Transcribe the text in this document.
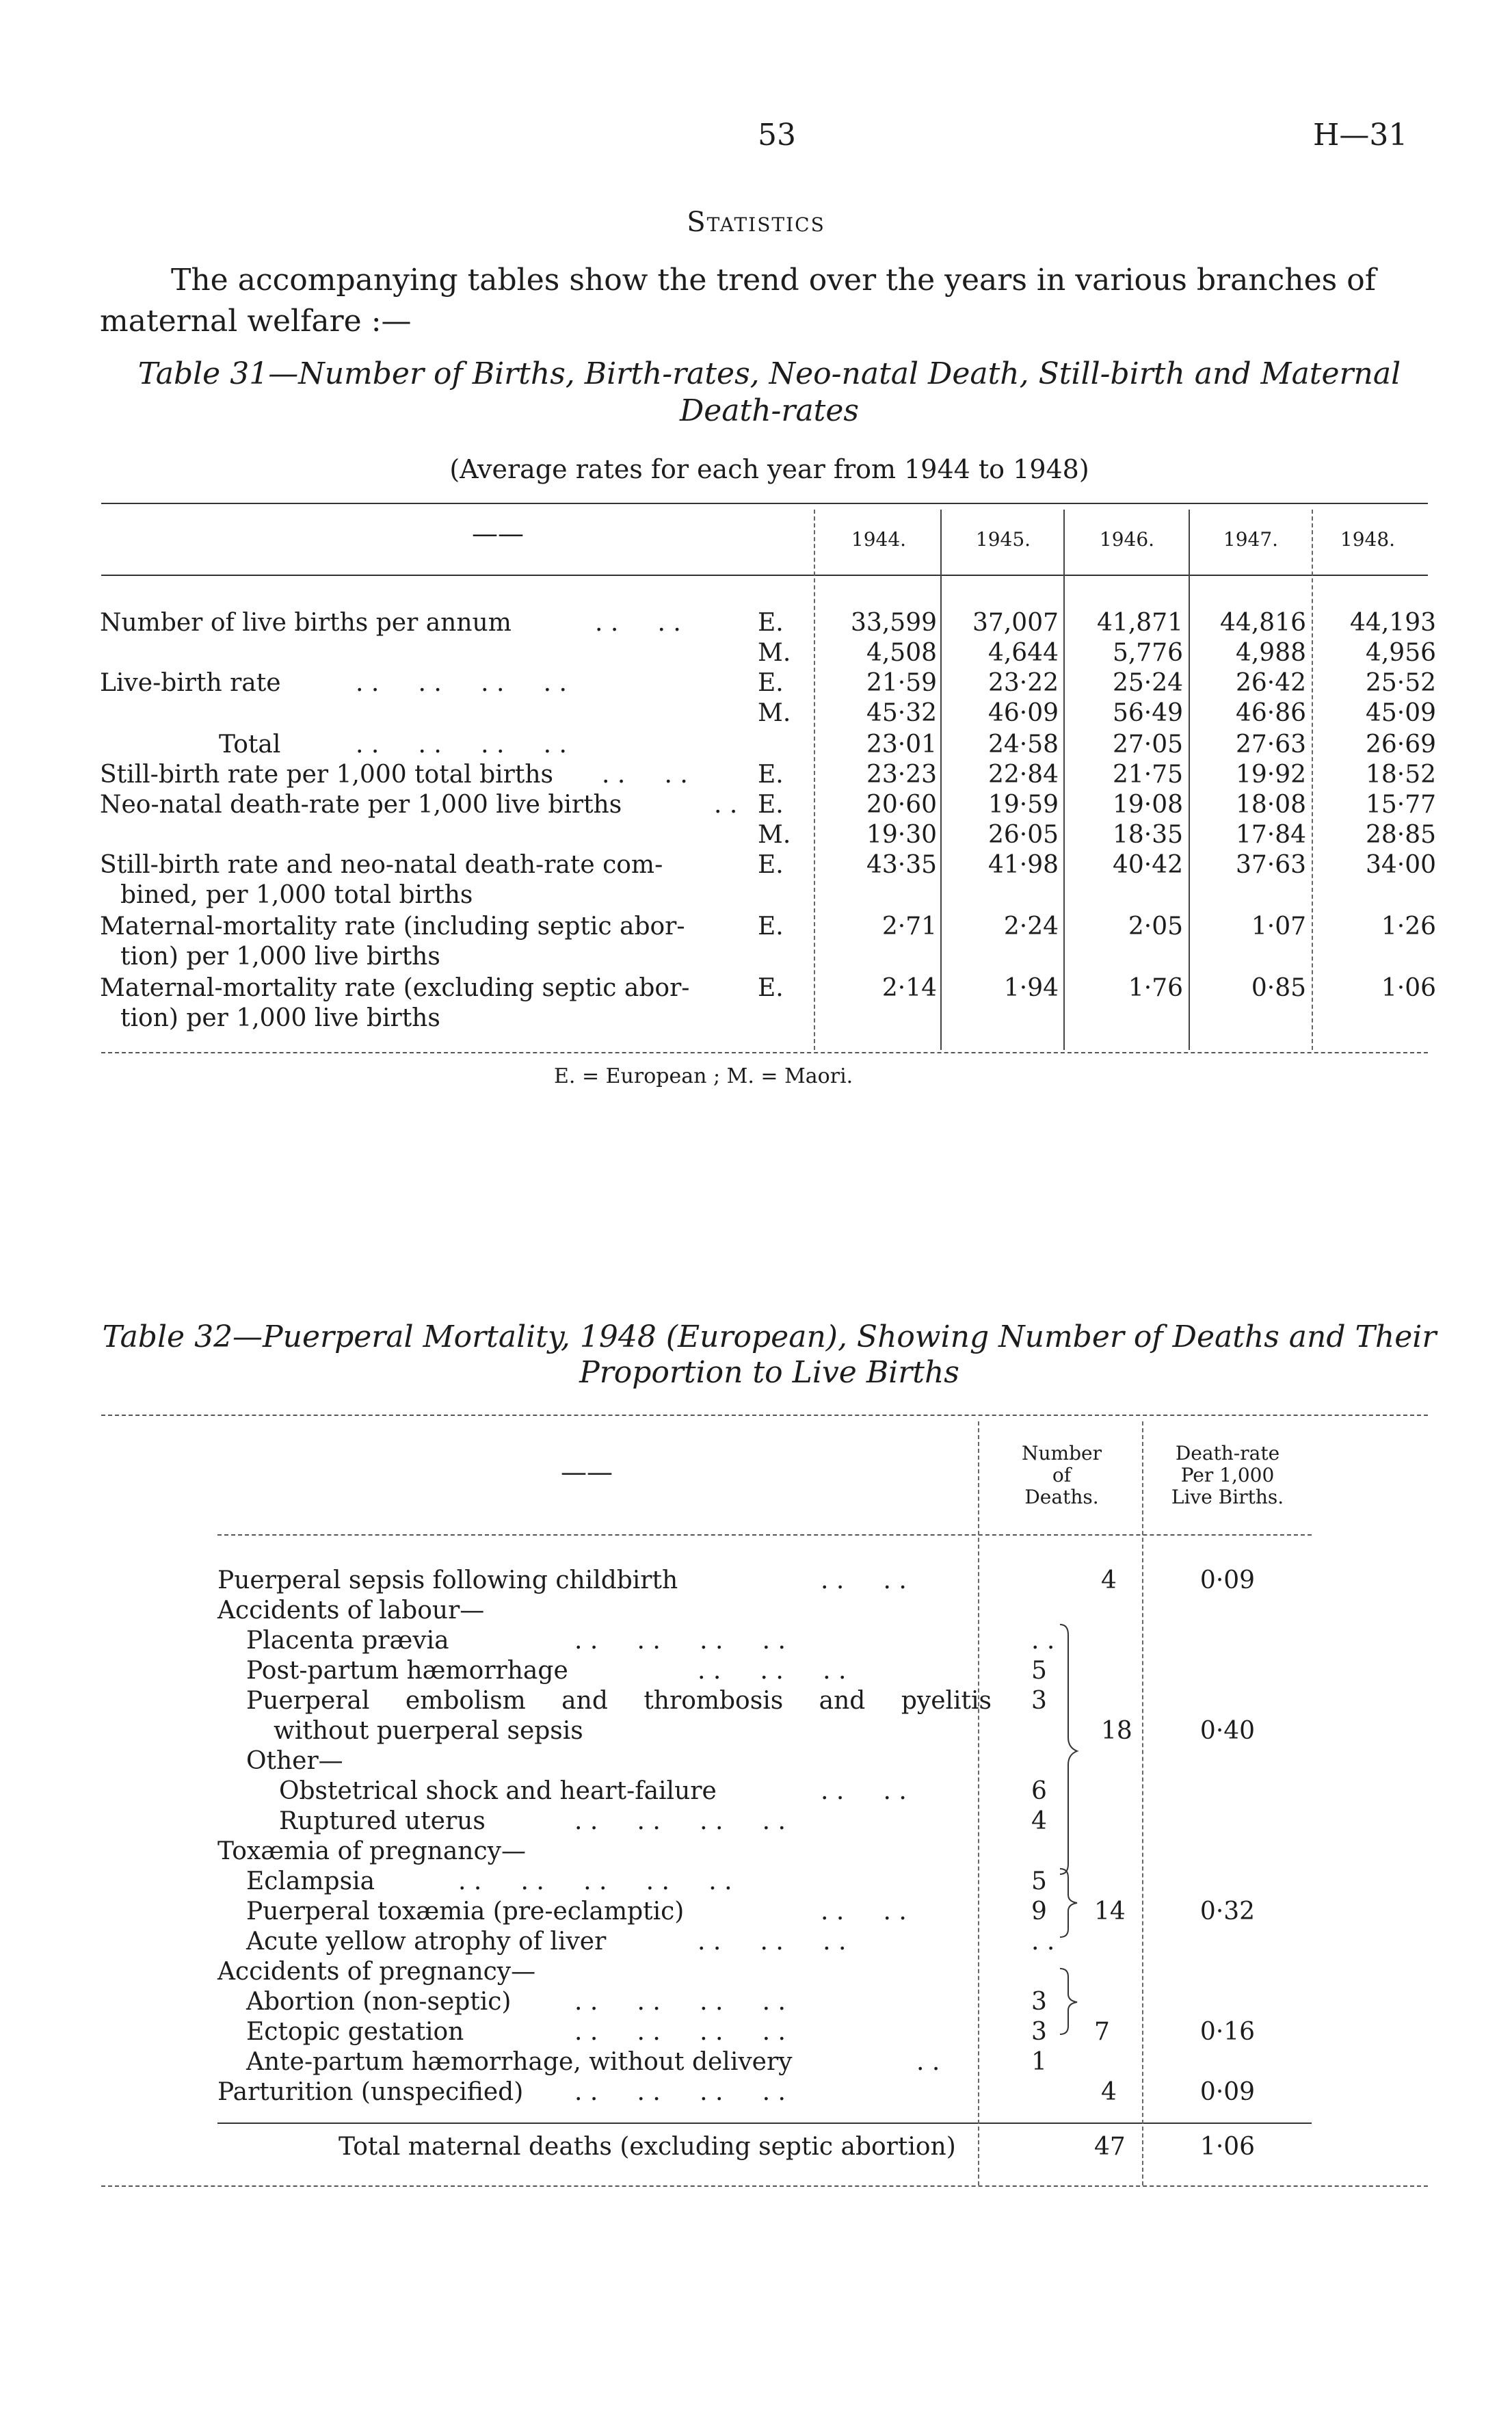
53	H—31
Statistics
The accompanying tables show the trend over the years in various branches of
maternal welfare :—
Table 31—Number of Births, Birth-rates, Neo-natal Death, Still-birth and Maternal
Death-rates
(Average rates for each year from 1944 to 1948)
——	1944.	1945.	1946.	1947.	1948.
Number of live births per annum	. .     . .	E.	33,599	37,007	41,871	44,816	44,193
M.	4,508	4,644	5,776	4,988	4,956
Live-birth rate	. .     . .     . .     . .	E.	21·59	23·22	25·24	26·42	25·52
M.	45·32	46·09	56·49	46·86	45·09
Total	. .     . .     . .     . .	23·01	24·58	27·05	27·63	26·69
Still-birth rate per 1,000 total births . .     . .	E.	23·23	22·84	21·75	19·92	18·52
Neo-natal death-rate per 1,000 live births	. . E.	20·60	19·59	19·08	18·08	15·77
M.	19·30	26·05	18·35	17·84	28·85
Still-birth rate and neo-natal death-rate com-
bined, per 1,000 total births
E.	43·35	41·98	40·42	37·63	34·00
Maternal-mortality rate (including septic abor-
tion) per 1,000 live births
E.	2·71	2·24	2·05	1·07	1·26
Maternal-mortality rate (excluding septic abor-
tion) per 1,000 live births
E.	2·14	1·94	1·76	0·85	1·06
E. = European ; M. = Maori.
Table 32—Puerperal Mortality, 1948 (European), Showing Number of Deaths and Their
Proportion to Live Births
——
Number
of
Deaths.
Death-rate
Per 1,000
Live Births.
Puerperal sepsis following childbirth	. .     . .	4	0·09
Accidents of labour—
Placenta prævia	. .     . .     . .     . .	. .
Post-partum hæmorrhage	. .     . .     . .	5
Puerperal embolism and thrombosis and pyelitis 3
without puerperal sepsis	18	0·40
Other—
Obstetrical shock and heart-failure	. .     . .	6
Ruptured uterus	. .     . .     . .     . .	4
Toxæmia of pregnancy—
Eclampsia	. .     . .     . .     . .     . .	5
Puerperal toxæmia (pre-eclamptic)	. .     . .	9 14	0·32
Acute yellow atrophy of liver	. .     . .     . .	. .
Accidents of pregnancy—
Abortion (non-septic)	. .     . .     . .     . .	3
Ectopic gestation	. .     . .     . .     . .	3 7	0·16
Ante-partum hæmorrhage, without delivery	. .	1
Parturition (unspecified) . .     . .     . .     . .	4	0·09
Total maternal deaths (excluding septic abortion)	47	1·06
